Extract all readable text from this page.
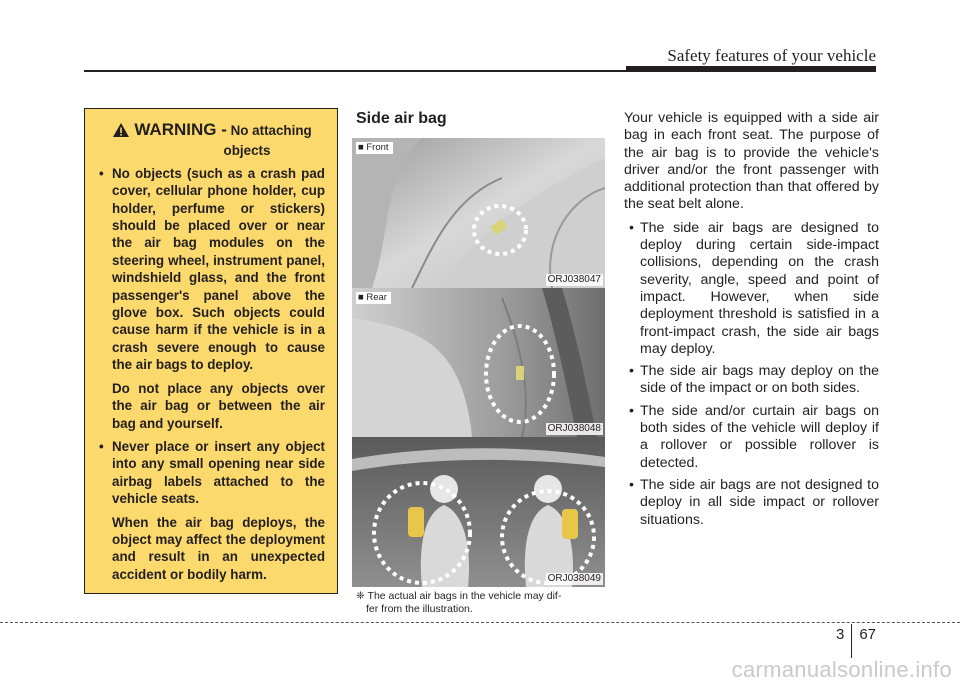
Safety features of your vehicle
WARNING - No attaching
objects
• No objects (such as a crash pad cover, cellular phone holder, cup holder, perfume or stickers) should be placed over or near the air bag modules on the steering wheel, instrument panel, windshield glass, and the front passenger's panel above the glove box. Such objects could cause harm if the vehicle is in a crash severe enough to cause the air bags to deploy.

Do not place any objects over the air bag or between the air bag and yourself.

• Never place or insert any object into any small opening near side airbag labels attached to the vehicle seats.

When the air bag deploys, the object may affect the deployment and result in an unexpected accident or bodily harm.

Side air bag
■ Front
ORJ038047
■ Rear
ORJ038048
ORJ038049
❈ The actual air bags in the vehicle may dif-
fer from the illustration.

Your vehicle is equipped with a side air bag in each front seat. The purpose of the air bag is to provide the vehicle's driver and/or the front passenger with additional protection than that offered by the seat belt alone.

• The side air bags are designed to deploy during certain side-impact collisions, depending on the crash severity, angle, speed and point of impact. However, when side deployment threshold is satisfied in a front-impact crash, the side air bags may deploy.
• The side air bags may deploy on the side of the impact or on both sides.
• The side and/or curtain air bags on both sides of the vehicle will deploy if a rollover or possible rollover is detected.
• The side air bags are not designed to deploy in all side impact or rollover situations.
3	67
carmanualsonline.info
